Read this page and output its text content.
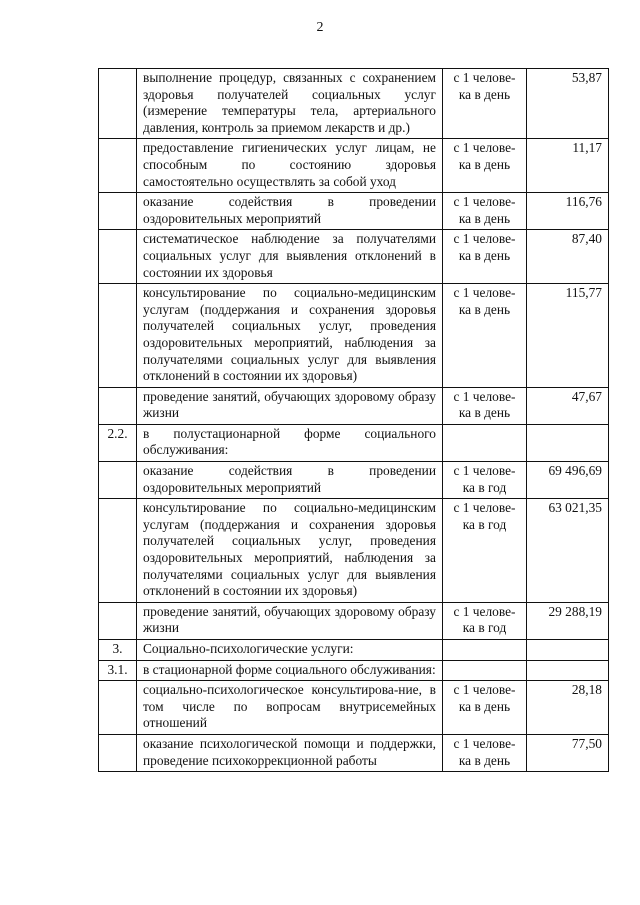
2
	выполнение процедур, связанных с сохранением здоровья получателей социальных услуг (измерение температуры тела, артериального давления, контроль за приемом лекарств и др.)	с 1 челове-ка в день	53,87
	предоставление гигиенических услуг лицам, не способным по состоянию здоровья самостоятельно осуществлять за собой уход	с 1 челове-ка в день	11,17
	оказание содействия в проведении оздоровительных мероприятий	с 1 челове-ка в день	116,76
	систематическое наблюдение за получателями социальных услуг для выявления отклонений в состоянии их здоровья	с 1 челове-ка в день	87,40
	консультирование по социально-медицинским услугам (поддержания и сохранения здоровья получателей социальных услуг, проведения оздоровительных мероприятий, наблюдения за получателями социальных услуг для выявления отклонений в состоянии их здоровья)	с 1 челове-ка в день	115,77
	проведение занятий, обучающих здоровому образу жизни	с 1 челове-ка в день	47,67
2.2.	в полустационарной форме социального обслуживания:		
	оказание содействия в проведении оздоровительных мероприятий	с 1 челове-ка в год	69 496,69
	консультирование по социально-медицинским услугам (поддержания и сохранения здоровья получателей социальных услуг, проведения оздоровительных мероприятий, наблюдения за получателями социальных услуг для выявления отклонений в состоянии их здоровья)	с 1 челове-ка в год	63 021,35
	проведение занятий, обучающих здоровому образу жизни	с 1 челове-ка в год	29 288,19
3.	Социально-психологические услуги:		
3.1.	в стационарной форме социального обслуживания:		
	социально-психологическое консультирова-ние, в том числе по вопросам внутрисемейных отношений	с 1 челове-ка в день	28,18
	оказание психологической помощи и поддержки, проведение психокоррекционной работы	с 1 челове-ка в день	77,50
